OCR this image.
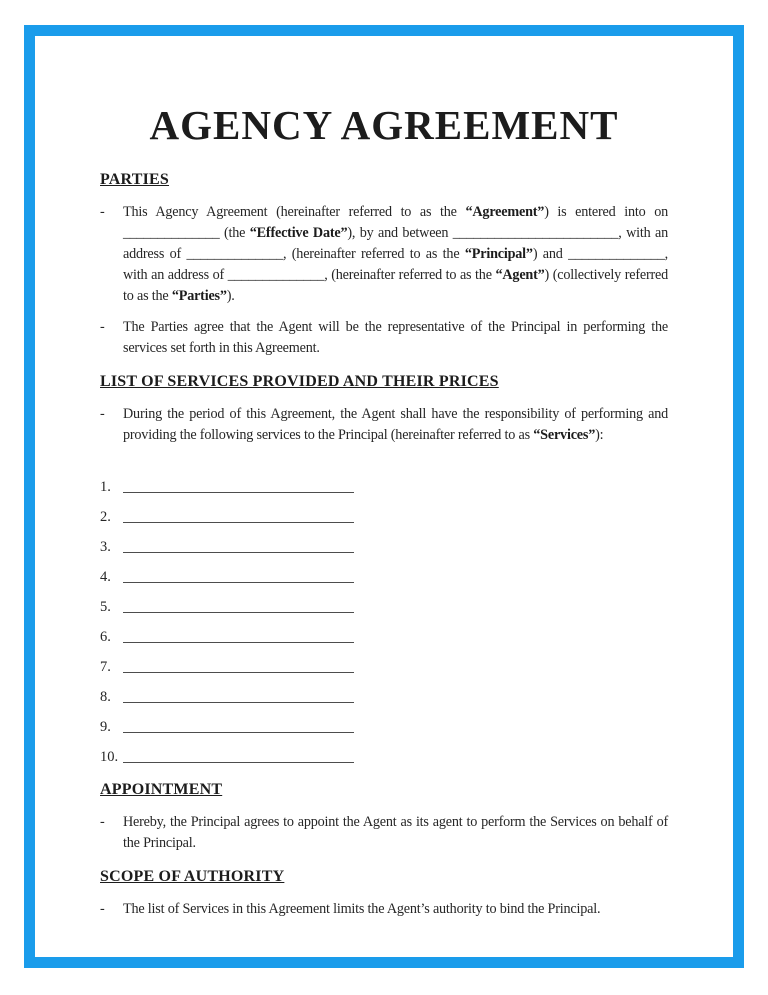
AGENCY AGREEMENT
PARTIES
-	This Agency Agreement (hereinafter referred to as the “Agreement”) is entered into on ______________ (the “Effective Date”), by and between ________________________, with an address of ______________, (hereinafter referred to as the “Principal”) and ______________, with an address of ______________, (hereinafter referred to as the “Agent”) (collectively referred to as the “Parties”).

-	The Parties agree that the Agent will be the representative of the Principal in performing the services set forth in this Agreement.

LIST OF SERVICES PROVIDED AND THEIR PRICES
-	During the period of this Agreement, the Agent shall have the responsibility of performing and providing the following services to the Principal (hereinafter referred to as “Services”):

1.
2.
3.
4.
5.
6.
7.
8.
9.
10.
APPOINTMENT
-	Hereby, the Principal agrees to appoint the Agent as its agent to perform the Services on behalf of the Principal.

SCOPE OF AUTHORITY
-	The list of Services in this Agreement limits the Agent’s authority to bind the Principal.
